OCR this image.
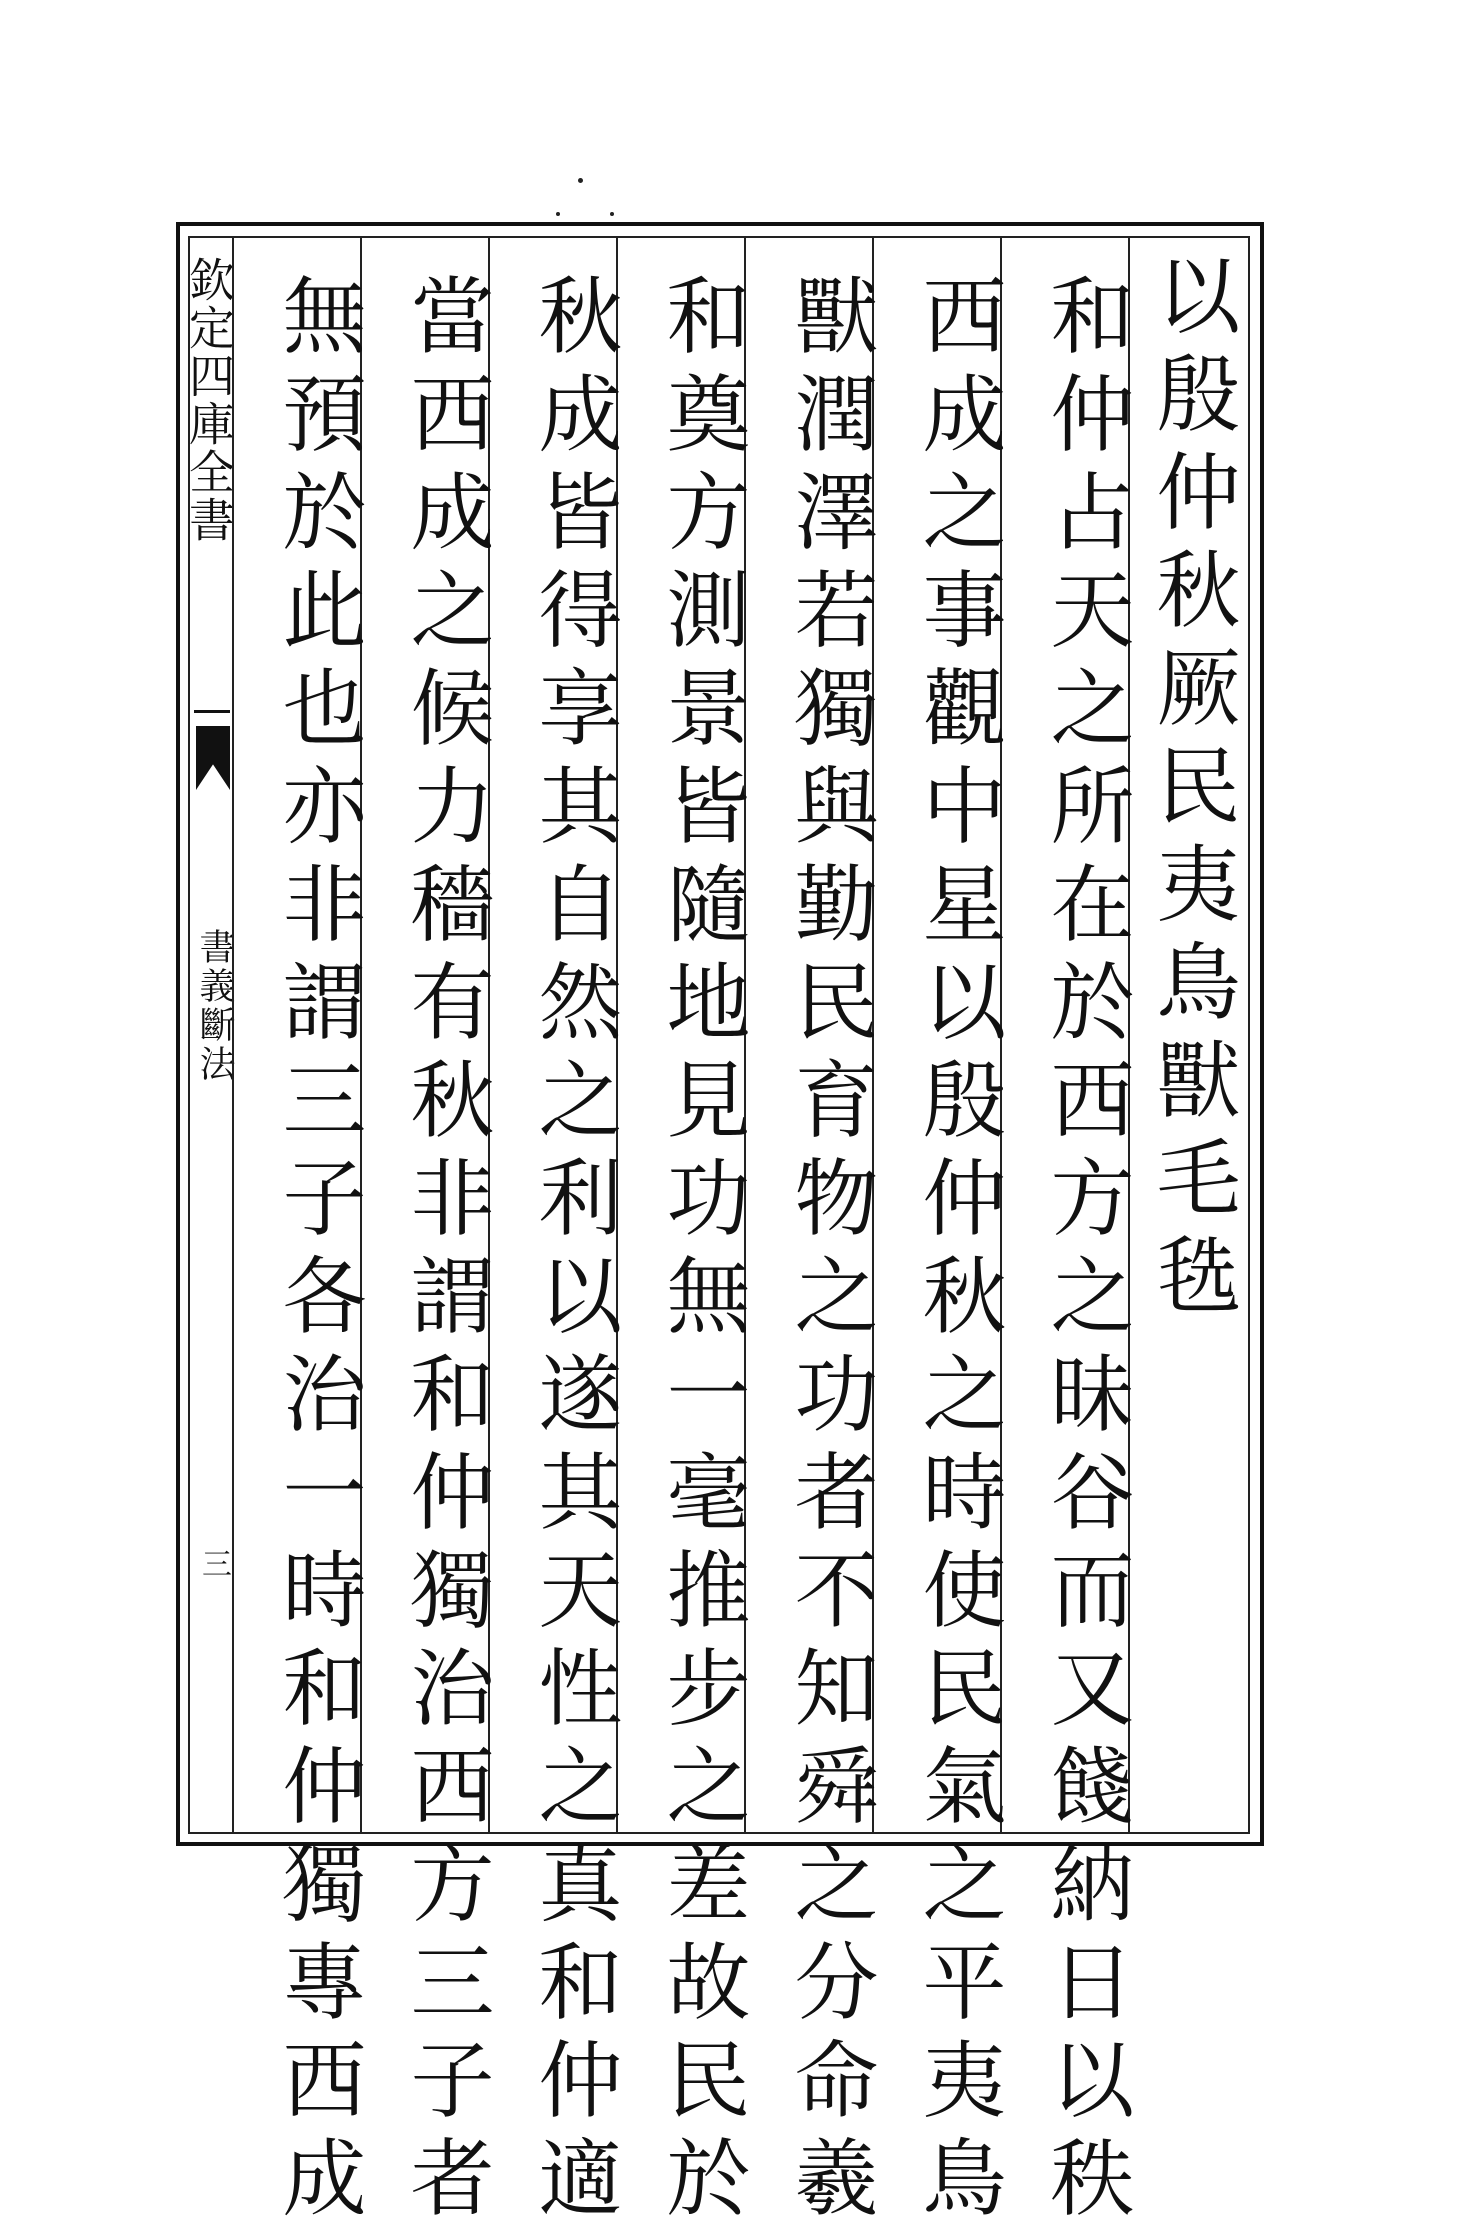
欽定四庫全書
書義斷法
三
以殷仲秋厥民夷鳥獸毛毨
和仲占天之所在於西方之昧谷而又餞納日以秩
西成之事觀中星以殷仲秋之時使民氣之平夷鳥
獸潤澤若獨與勤民育物之功者不知舜之分命羲
和奠方測景皆隨地見功無一毫推步之差故民於
秋成皆得享其自然之利以遂其天性之真和仲適
當西成之候力穡有秋非謂和仲獨治西方三子者
無預於此也亦非謂三子各治一時和仲獨專西成
